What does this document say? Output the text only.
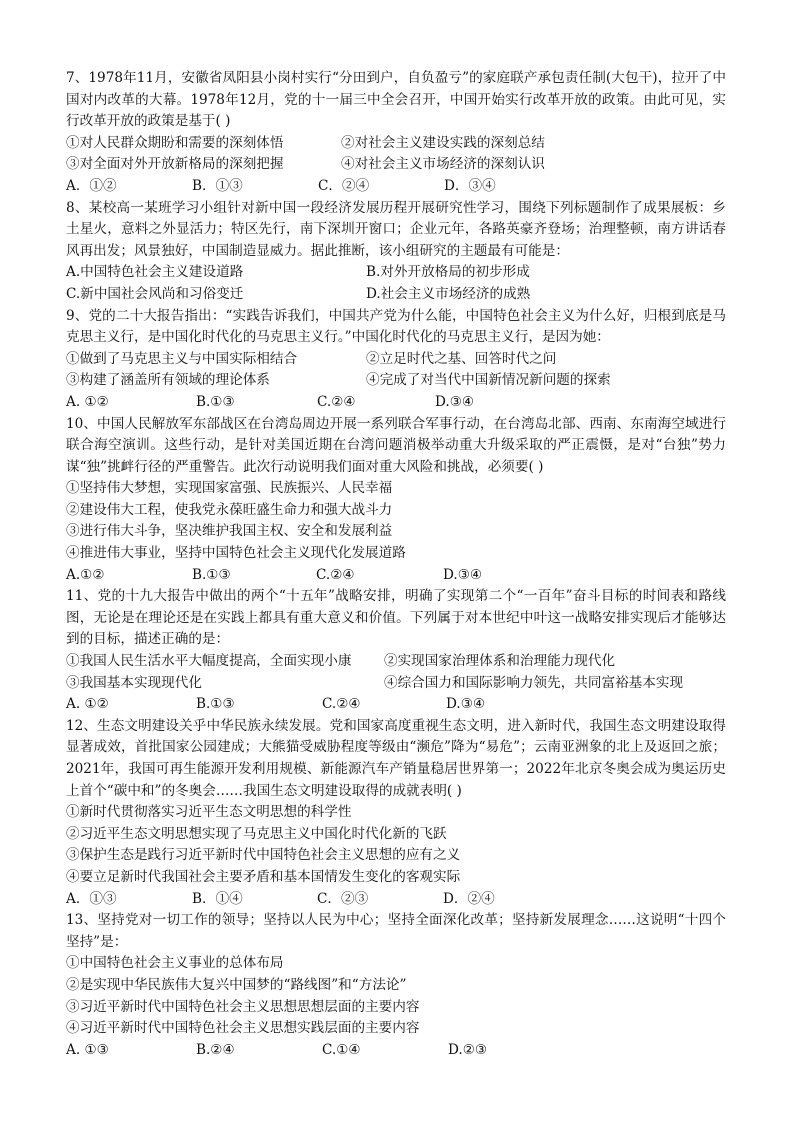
7、1978年11月，安徽省凤阳县小岗村实行“分田到户，自负盈亏”的家庭联产承包责任制(大包干)，拉开了中国对内改革的大幕。1978年12月，党的十一届三中全会召开，中国开始实行改革开放的政策。由此可见，实行改革开放的政策是基于( )
①对人民群众期盼和需要的深刻体悟	②对社会主义建设实践的深刻总结
③对全面对外开放新格局的深刻把握	④对社会主义市场经济的深刻认识
A．①②	B．①③	C．②④	D．③④
8、某校高一某班学习小组针对新中国一段经济发展历程开展研究性学习，围绕下列标题制作了成果展板：乡土星火，意料之外显活力；特区先行，南下深圳开窗口；企业元年，各路英豪齐登场；治理整顿，南方讲话春风再出发；风景独好，中国制造显威力。据此推断，该小组研究的主题最有可能是：
A.中国特色社会主义建设道路	B.对外开放格局的初步形成
C.新中国社会风尚和习俗变迁	D.社会主义市场经济的成熟
9、党的二十大报告指出：“实践告诉我们，中国共产党为什么能，中国特色社会主义为什么好，归根到底是马克思主义行，是中国化时代化的马克思主义行。”中国化时代化的马克思主义行，是因为她：
①做到了马克思主义与中国实际相结合	②立足时代之基、回答时代之问
③构建了涵盖所有领域的理论体系	④完成了对当代中国新情况新问题的探索
A. ①②	B.①③	C.②④	D.③④
10、中国人民解放军东部战区在台湾岛周边开展一系列联合军事行动，在台湾岛北部、西南、东南海空域进行联合海空演训。这些行动，是针对美国近期在台湾问题消极举动重大升级采取的严正震慑，是对“台独”势力谋“独”挑衅行径的严重警告。此次行动说明我们面对重大风险和挑战，必须要( )
①坚持伟大梦想，实现国家富强、民族振兴、人民幸福
②建设伟大工程，使我党永葆旺盛生命力和强大战斗力
③进行伟大斗争，坚决维护我国主权、安全和发展利益
④推进伟大事业，坚持中国特色社会主义现代化发展道路
A.①②	B.①③	C.②④	D.③④
11、党的十九大报告中做出的两个“十五年”战略安排，明确了实现第二个“一百年”奋斗目标的时间表和路线图，无论是在理论还是在实践上都具有重大意义和价值。下列属于对本世纪中叶这一战略安排实现后才能够达到的目标，描述正确的是：
①我国人民生活水平大幅度提高，全面实现小康	②实现国家治理体系和治理能力现代化
③我国基本实现现代化	④综合国力和国际影响力领先，共同富裕基本实现
A. ①②	B.①③	C.②④	D.③④
12、生态文明建设关乎中华民族永续发展。党和国家高度重视生态文明，进入新时代，我国生态文明建设取得显著成效，首批国家公园建成；大熊猫受威胁程度等级由“濒危”降为“易危”；云南亚洲象的北上及返回之旅；2021年，我国可再生能源开发利用规模、新能源汽车产销量稳居世界第一；2022年北京冬奥会成为奥运历史上首个“碳中和”的冬奥会……我国生态文明建设取得的成就表明( )
①新时代贯彻落实习近平生态文明思想的科学性
②习近平生态文明思想实现了马克思主义中国化时代化新的飞跃
③保护生态是践行习近平新时代中国特色社会主义思想的应有之义
④要立足新时代我国社会主要矛盾和基本国情发生变化的客观实际
A．①③	B．①④	C．②③	D．②④
13、坚持党对一切工作的领导；坚持以人民为中心；坚持全面深化改革；坚持新发展理念……这说明“十四个坚持”是：
①中国特色社会主义事业的总体布局
②是实现中华民族伟大复兴中国梦的“路线图”和“方法论”
③习近平新时代中国特色社会主义思想思想层面的主要内容
④习近平新时代中国特色社会主义思想实践层面的主要内容
A. ①③	B.②④	C.①④	D.②③
